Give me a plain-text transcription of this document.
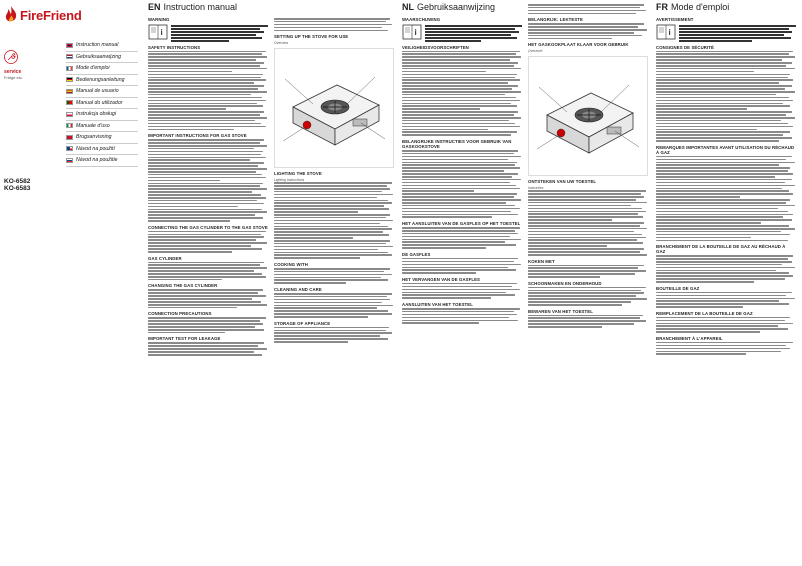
FireFriend
service
Fridge etc.
Instruction manual
Gebruiksaanwijzing
Mode d'emploi
Bedienungsanleitung
Manual de usuario
Manual do utilizador
Instrukcja obsługi
Manuale d'uso
Brugsanvisning
Návod na použití
Návod na použitie
KO-6582
KO-6583
EN Instruction manual
WARNING
i
SAFETY INSTRUCTIONS
IMPORTANT INSTRUCTIONS FOR GAS STOVE
CONNECTING THE GAS CYLINDER TO THE GAS STOVE
GAS CYLINDER
CHANGING THE GAS CYLINDER
CONNECTION PRECAUTIONS
IMPORTANT TEST FOR LEAKAGE
SETTING UP THE STOVE FOR USE
Overview
LIGHTING THE STOVE
Lighting Instructions
COOKING WITH
CLEANING AND CARE
STORAGE OF APPLIANCE
NL Gebruiksaanwijzing
WAARSCHUWING
i
VEILIGHEIDSVOORSCHRIFTEN
BELANGRIJKE INSTRUCTIES VOOR GEBRUIK VAN GASKOOKSTOVE
HET AANSLUITEN VAN DE GASFLES OP HET TOESTEL
DE GASFLES
HET VERVANGEN VAN DE GASFLES
AANSLUITEN VAN HET TOESTEL
BELANGRIJK: LEKTESTE
HET GASKOOKPLAAT KLAAR VOOR GEBRUIK
Overzicht
ONTSTEKEN VAN UW TOESTEL
Instructies
KOKEN MET
SCHOONMAKEN EN ONDERHOUD
BEWAREN VAN HET TOESTEL
FR Mode d'emploi
AVERTISSEMENT
i
CONSIGNES DE SÉCURITÉ
REMARQUES IMPORTANTES AVANT UTILISATION DU RÉCHAUD À GAZ
BRANCHEMENT DE LA BOUTEILLE DE GAZ AU RÉCHAUD À GAZ
BOUTEILLE DE GAZ
REMPLACEMENT DE LA BOUTEILLE DE GAZ
BRANCHEMENT À L'APPAREIL
